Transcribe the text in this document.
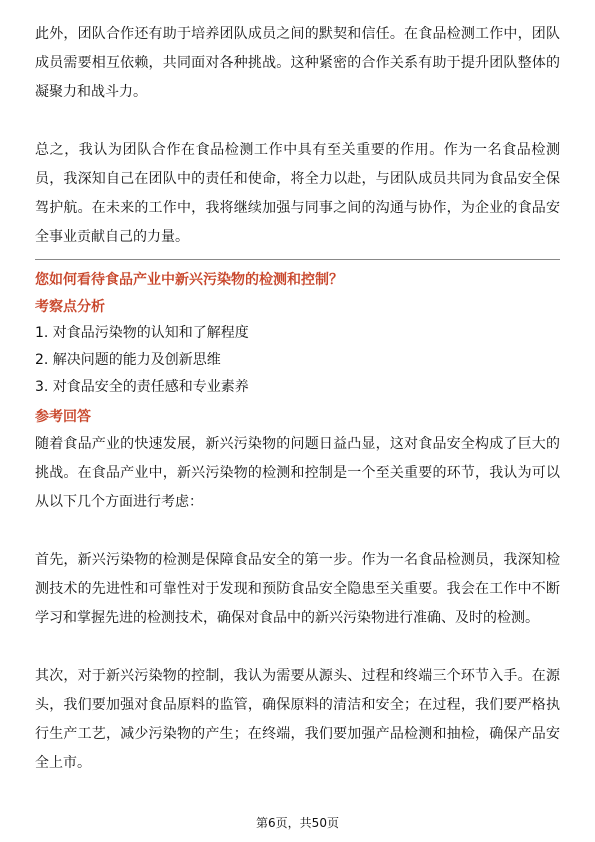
此外，团队合作还有助于培养团队成员之间的默契和信任。在食品检测工作中，团队成员需要相互依赖，共同面对各种挑战。这种紧密的合作关系有助于提升团队整体的凝聚力和战斗力。

总之，我认为团队合作在食品检测工作中具有至关重要的作用。作为一名食品检测员，我深知自己在团队中的责任和使命，将全力以赴，与团队成员共同为食品安全保驾护航。在未来的工作中，我将继续加强与同事之间的沟通与协作，为企业的食品安全事业贡献自己的力量。

您如何看待食品产业中新兴污染物的检测和控制？

考察点分析

1. 对食品污染物的认知和了解程度

2. 解决问题的能力及创新思维

3. 对食品安全的责任感和专业素养

参考回答

随着食品产业的快速发展，新兴污染物的问题日益凸显，这对食品安全构成了巨大的挑战。在食品产业中，新兴污染物的检测和控制是一个至关重要的环节，我认为可以从以下几个方面进行考虑：

首先，新兴污染物的检测是保障食品安全的第一步。作为一名食品检测员，我深知检测技术的先进性和可靠性对于发现和预防食品安全隐患至关重要。我会在工作中不断学习和掌握先进的检测技术，确保对食品中的新兴污染物进行准确、及时的检测。

其次，对于新兴污染物的控制，我认为需要从源头、过程和终端三个环节入手。在源头，我们要加强对食品原料的监管，确保原料的清洁和安全；在过程，我们要严格执行生产工艺，减少污染物的产生；在终端，我们要加强产品检测和抽检，确保产品安全上市。

第6页，共50页
